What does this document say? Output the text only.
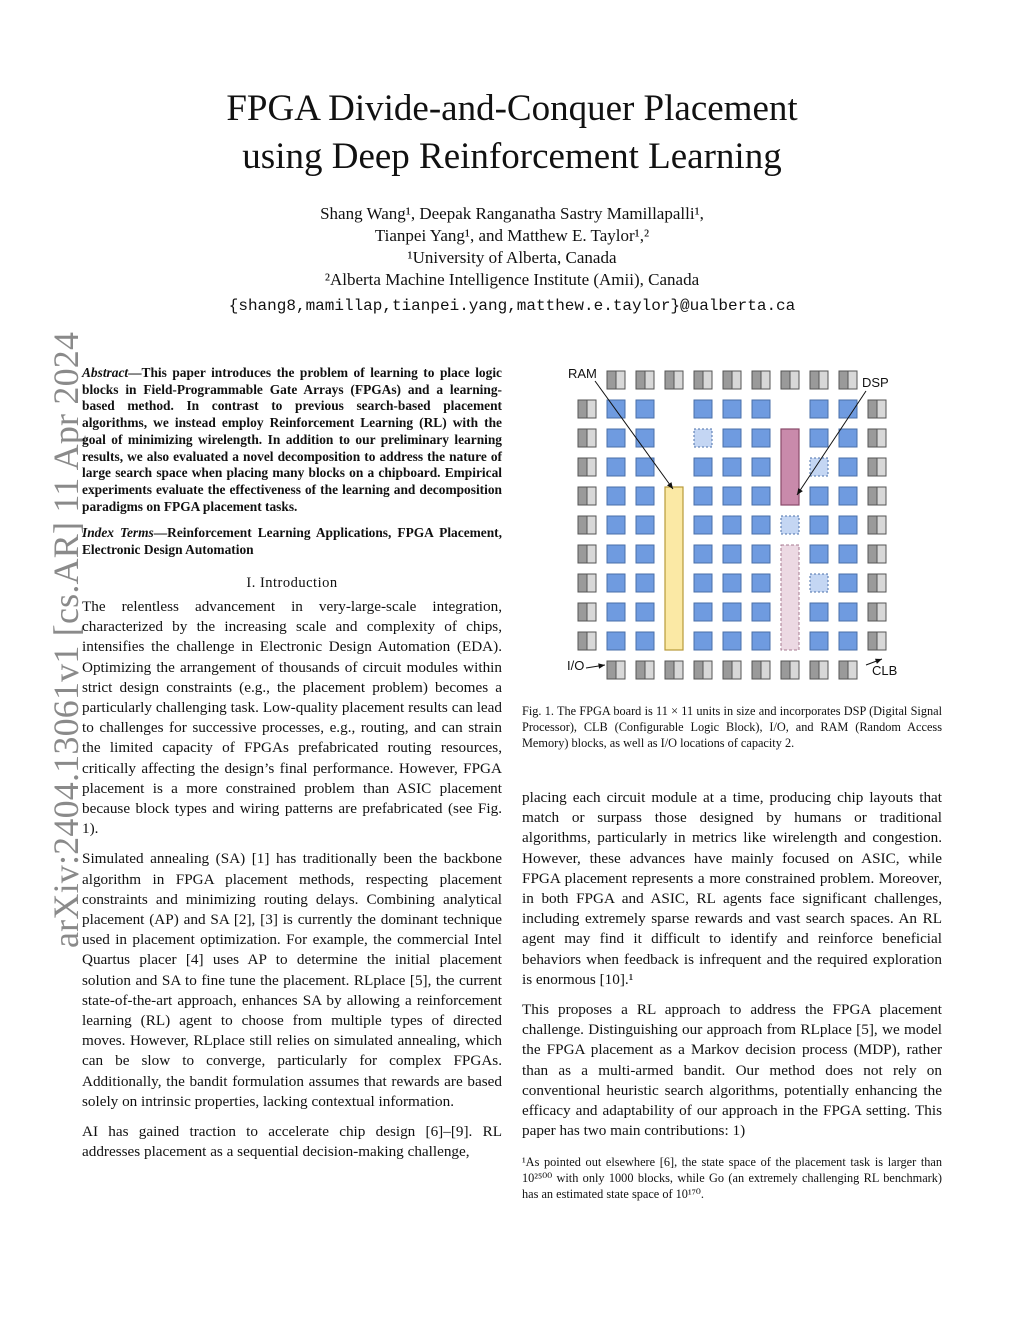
arXiv:2404.13061v1 [cs.AR] 11 Apr 2024
FPGA Divide-and-Conquer Placement
using Deep Reinforcement Learning
Shang Wang¹, Deepak Ranganatha Sastry Mamillapalli¹,
Tianpei Yang¹, and Matthew E. Taylor¹,²
¹University of Alberta, Canada
²Alberta Machine Intelligence Institute (Amii), Canada
{shang8,mamillap,tianpei.yang,matthew.e.taylor}@ualberta.ca
Abstract—This paper introduces the problem of learning to place logic blocks in Field-Programmable Gate Arrays (FPGAs) and a learning-based method. In contrast to previous search-based placement algorithms, we instead employ Reinforcement Learning (RL) with the goal of minimizing wirelength. In addition to our preliminary learning results, we also evaluated a novel decomposition to address the nature of large search space when placing many blocks on a chipboard. Empirical experiments evaluate the effectiveness of the learning and decomposition paradigms on FPGA placement tasks.
Index Terms—Reinforcement Learning Applications, FPGA Placement, Electronic Design Automation
I. Introduction

The relentless advancement in very-large-scale integration, characterized by the increasing scale and complexity of chips, intensifies the challenge in Electronic Design Automation (EDA). Optimizing the arrangement of thousands of circuit modules within strict design constraints (e.g., the placement problem) becomes a particularly challenging task. Low-quality placement results can lead to challenges for successive processes, e.g., routing, and can strain the limited capacity of FPGAs prefabricated routing resources, critically affecting the design’s final performance. However, FPGA placement is a more constrained problem than ASIC placement because block types and wiring patterns are prefabricated (see Fig. 1).

Simulated annealing (SA) [1] has traditionally been the backbone algorithm in FPGA placement methods, respecting placement constraints and minimizing routing delays. Combining analytical placement (AP) and SA [2], [3] is currently the dominant technique used in placement optimization. For example, the commercial Intel Quartus placer [4] uses AP to determine the initial placement solution and SA to fine tune the placement. RLplace [5], the current state-of-the-art approach, enhances SA by allowing a reinforcement learning (RL) agent to choose from multiple types of directed moves. However, RLplace still relies on simulated annealing, which can be slow to converge, particularly for complex FPGAs. Additionally, the bandit formulation assumes that rewards are based solely on intrinsic properties, lacking contextual information.

AI has gained traction to accelerate chip design [6]–[9]. RL addresses placement as a sequential decision-making challenge,

RAM
DSP
I/O	CLB
Fig. 1. The FPGA board is 11 × 11 units in size and incorporates DSP (Digital Signal Processor), CLB (Configurable Logic Block), I/O, and RAM (Random Access Memory) blocks, as well as I/O locations of capacity 2.

placing each circuit module at a time, producing chip layouts that match or surpass those designed by humans or traditional algorithms, particularly in metrics like wirelength and congestion. However, these advances have mainly focused on ASIC, while FPGA placement represents a more constrained problem. Moreover, in both FPGA and ASIC, RL agents face significant challenges, including extremely sparse rewards and vast search spaces. An RL agent may find it difficult to identify and reinforce beneficial behaviors when feedback is infrequent and the required exploration is enormous [10].¹

This proposes a RL approach to address the FPGA placement challenge. Distinguishing our approach from RLplace [5], we model the FPGA placement as a Markov decision process (MDP), rather than as a multi-armed bandit. Our method does not rely on conventional heuristic search algorithms, potentially enhancing the efficacy and adaptability of our approach in the FPGA setting. This paper has two main contributions: 1)

¹As pointed out elsewhere [6], the state space of the placement task is larger than 10²⁵⁰⁰ with only 1000 blocks, while Go (an extremely challenging RL benchmark) has an estimated state space of 10¹⁷⁰.
